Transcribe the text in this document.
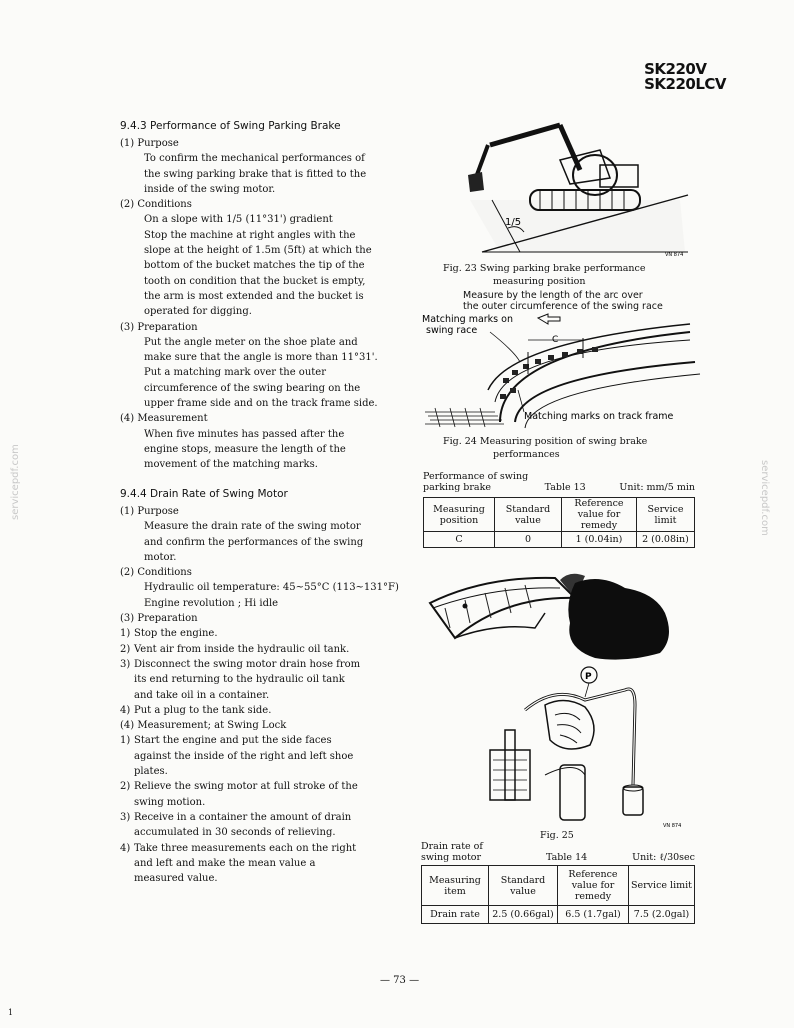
SK220V
SK220LCV
servicepdf.com	servicepdf.com
9.4.3 Performance of Swing Parking Brake
(1) Purpose
To confirm the mechanical performances of
the swing parking brake that is fitted to the
inside of the swing motor.
(2) Conditions
On a slope with 1/5 (11°31') gradient
Stop the machine at right angles with the
slope at the height of 1.5m (5ft) at which the
bottom of the bucket matches the tip of the
tooth on condition that the bucket is empty,
the arm is most extended and the bucket is
operated for digging.
(3) Preparation
Put the angle meter on the shoe plate and
make sure that the angle is more than 11°31'.
Put a matching mark over the outer
circumference of the swing bearing on the
upper frame side and on the track frame side.
(4) Measurement
When five minutes has passed after the
engine stops, measure the length of the
movement of the matching marks.
9.4.4 Drain Rate of Swing Motor
(1) Purpose
Measure the drain rate of the swing motor
and confirm the performances of the swing
motor.
(2) Conditions
Hydraulic oil temperature: 45~55°C (113~131°F)
Engine revolution ; Hi idle
(3) Preparation
1) Stop the engine.
2) Vent air from inside the hydraulic oil tank.
3) Disconnect the swing motor drain hose from
its end returning to the hydraulic oil tank
and take oil in a container.
4) Put a plug to the tank side.
(4) Measurement; at Swing Lock
1) Start the engine and put the side faces
against the inside of the right and left shoe
plates.
2) Relieve the swing motor at full stroke of the
swing motion.
3) Receive in a container the amount of drain
accumulated in 30 seconds of relieving.
4) Take three measurements each on the right
and left and make the mean value a
measured value.
1/5
VN 874
Fig. 23 Swing parking brake performance
measuring position
Measure by the length of the arc over
the outer circumference of the swing race
Matching marks on
swing race
C
Matching marks on track frame
Fig. 24 Measuring position of swing brake
performances
Performance of swing
parking brake	Table 13	Unit: mm/5 min
Measuring position	Standard value	Reference value for remedy	Service limit
C	0	1 (0.04in)	2 (0.08in)
P
VN 874
Fig. 25
Drain rate of
swing motor	Table 14	Unit: ℓ/30sec
Measuring item	Standard value	Reference value for remedy	Service limit
Drain rate	2.5 (0.66gal)	6.5 (1.7gal)	7.5 (2.0gal)
— 73 —
1
